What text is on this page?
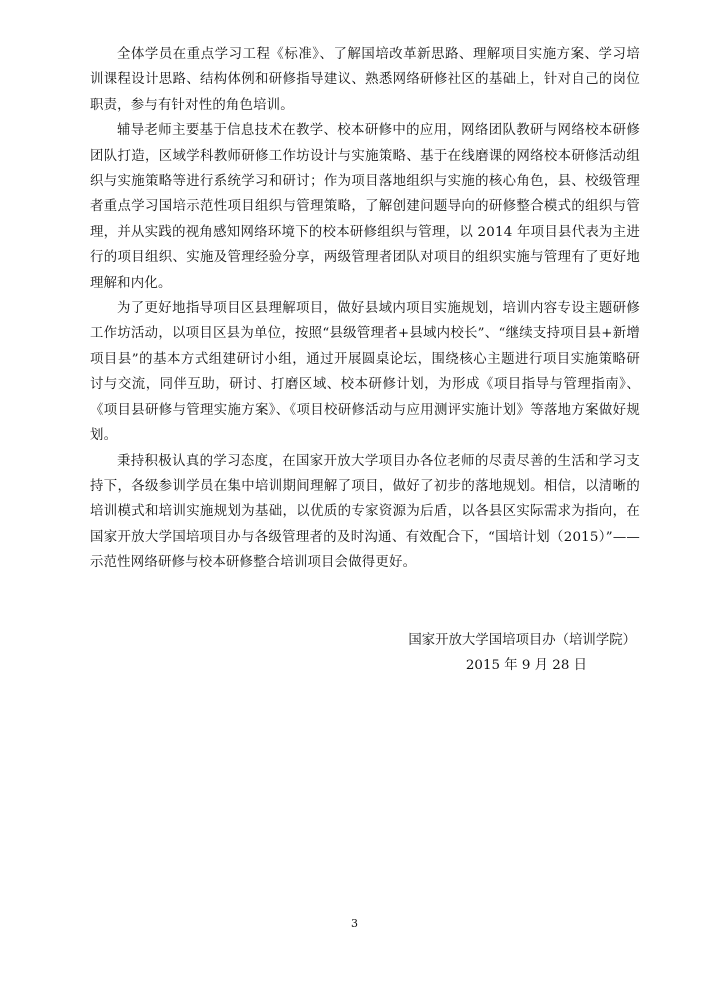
全体学员在重点学习工程《标准》、了解国培改革新思路、理解项目实施方案、学习培训课程设计思路、结构体例和研修指导建议、熟悉网络研修社区的基础上，针对自己的岗位职责，参与有针对性的角色培训。

辅导老师主要基于信息技术在教学、校本研修中的应用，网络团队教研与网络校本研修团队打造，区域学科教师研修工作坊设计与实施策略、基于在线磨课的网络校本研修活动组织与实施策略等进行系统学习和研讨；作为项目落地组织与实施的核心角色，县、校级管理者重点学习国培示范性项目组织与管理策略，了解创建问题导向的研修整合模式的组织与管理，并从实践的视角感知网络环境下的校本研修组织与管理，以 2014 年项目县代表为主进行的项目组织、实施及管理经验分享，两级管理者团队对项目的组织实施与管理有了更好地理解和内化。

为了更好地指导项目区县理解项目，做好县域内项目实施规划，培训内容专设主题研修工作坊活动，以项目区县为单位，按照“县级管理者+县域内校长”、“继续支持项目县+新增项目县”的基本方式组建研讨小组，通过开展圆桌论坛，围绕核心主题进行项目实施策略研讨与交流，同伴互助，研讨、打磨区域、校本研修计划，为形成《项目指导与管理指南》、《项目县研修与管理实施方案》、《项目校研修活动与应用测评实施计划》等落地方案做好规划。

秉持积极认真的学习态度，在国家开放大学项目办各位老师的尽责尽善的生活和学习支持下，各级参训学员在集中培训期间理解了项目，做好了初步的落地规划。相信，以清晰的培训模式和培训实施规划为基础，以优质的专家资源为后盾，以各县区实际需求为指向，在国家开放大学国培项目办与各级管理者的及时沟通、有效配合下，“国培计划（2015）”——示范性网络研修与校本研修整合培训项目会做得更好。

国家开放大学国培项目办（培训学院）
2015 年 9 月 28 日
3
